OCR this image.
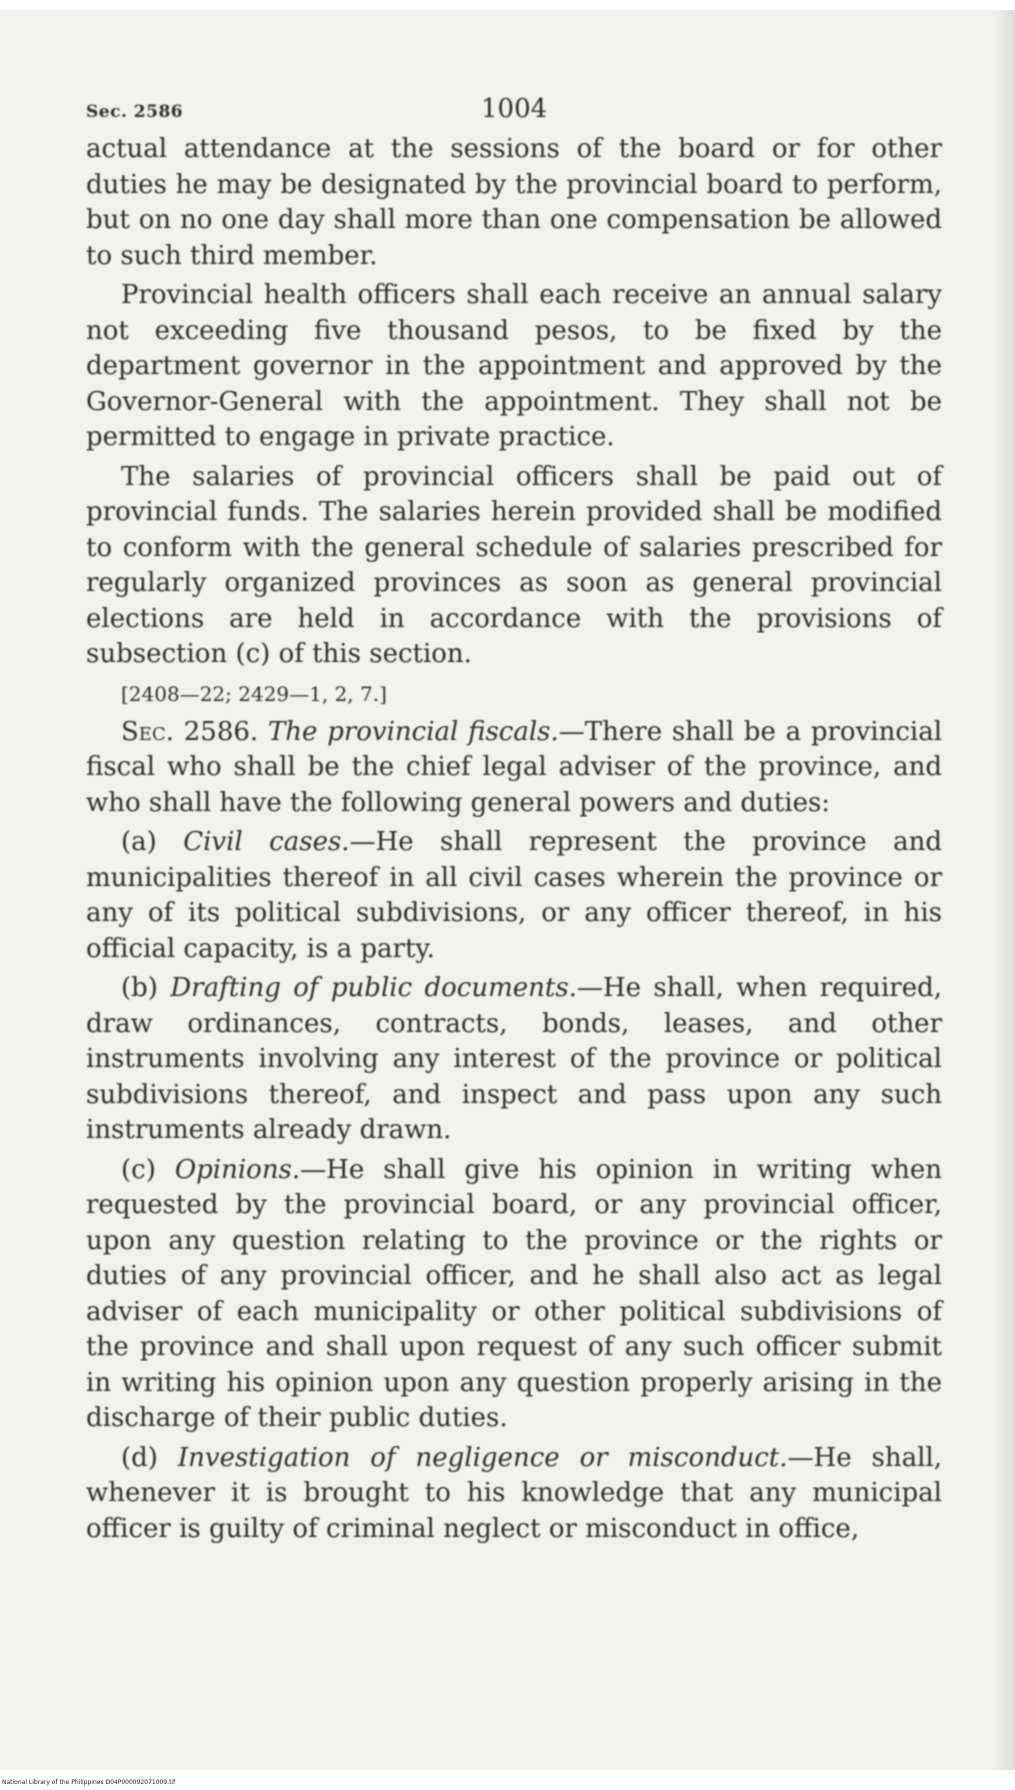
Sec. 2586	1004

actual attendance at the sessions of the board or for other duties he may be designated by the provincial board to perform, but on no one day shall more than one compensation be allowed to such third member.

Provincial health officers shall each receive an annual salary not exceeding five thousand pesos, to be fixed by the department governor in the appointment and approved by the Governor-General with the appointment. They shall not be permitted to engage in private practice.

The salaries of provincial officers shall be paid out of provincial funds. The salaries herein provided shall be modified to conform with the general schedule of salaries prescribed for regularly organized provinces as soon as general provincial elections are held in accordance with the provisions of subsection (c) of this section.

[2408—22; 2429—1, 2, 7.]

Sec. 2586. The provincial fiscals.—There shall be a provincial fiscal who shall be the chief legal adviser of the province, and who shall have the following general powers and duties:

(a) Civil cases.—He shall represent the province and municipalities thereof in all civil cases wherein the province or any of its political subdivisions, or any officer thereof, in his official capacity, is a party.

(b) Drafting of public documents.—He shall, when required, draw ordinances, contracts, bonds, leases, and other instruments involving any interest of the province or political subdivisions thereof, and inspect and pass upon any such instruments already drawn.

(c) Opinions.—He shall give his opinion in writing when requested by the provincial board, or any provincial officer, upon any question relating to the province or the rights or duties of any provincial officer, and he shall also act as legal adviser of each municipality or other political subdivisions of the province and shall upon request of any such officer submit in writing his opinion upon any question properly arising in the discharge of their public duties.

(d) Investigation of negligence or misconduct.—He shall, whenever it is brought to his knowledge that any municipal officer is guilty of criminal neglect or misconduct in office,

National Library of the Philippines D04P000092071009.tif
